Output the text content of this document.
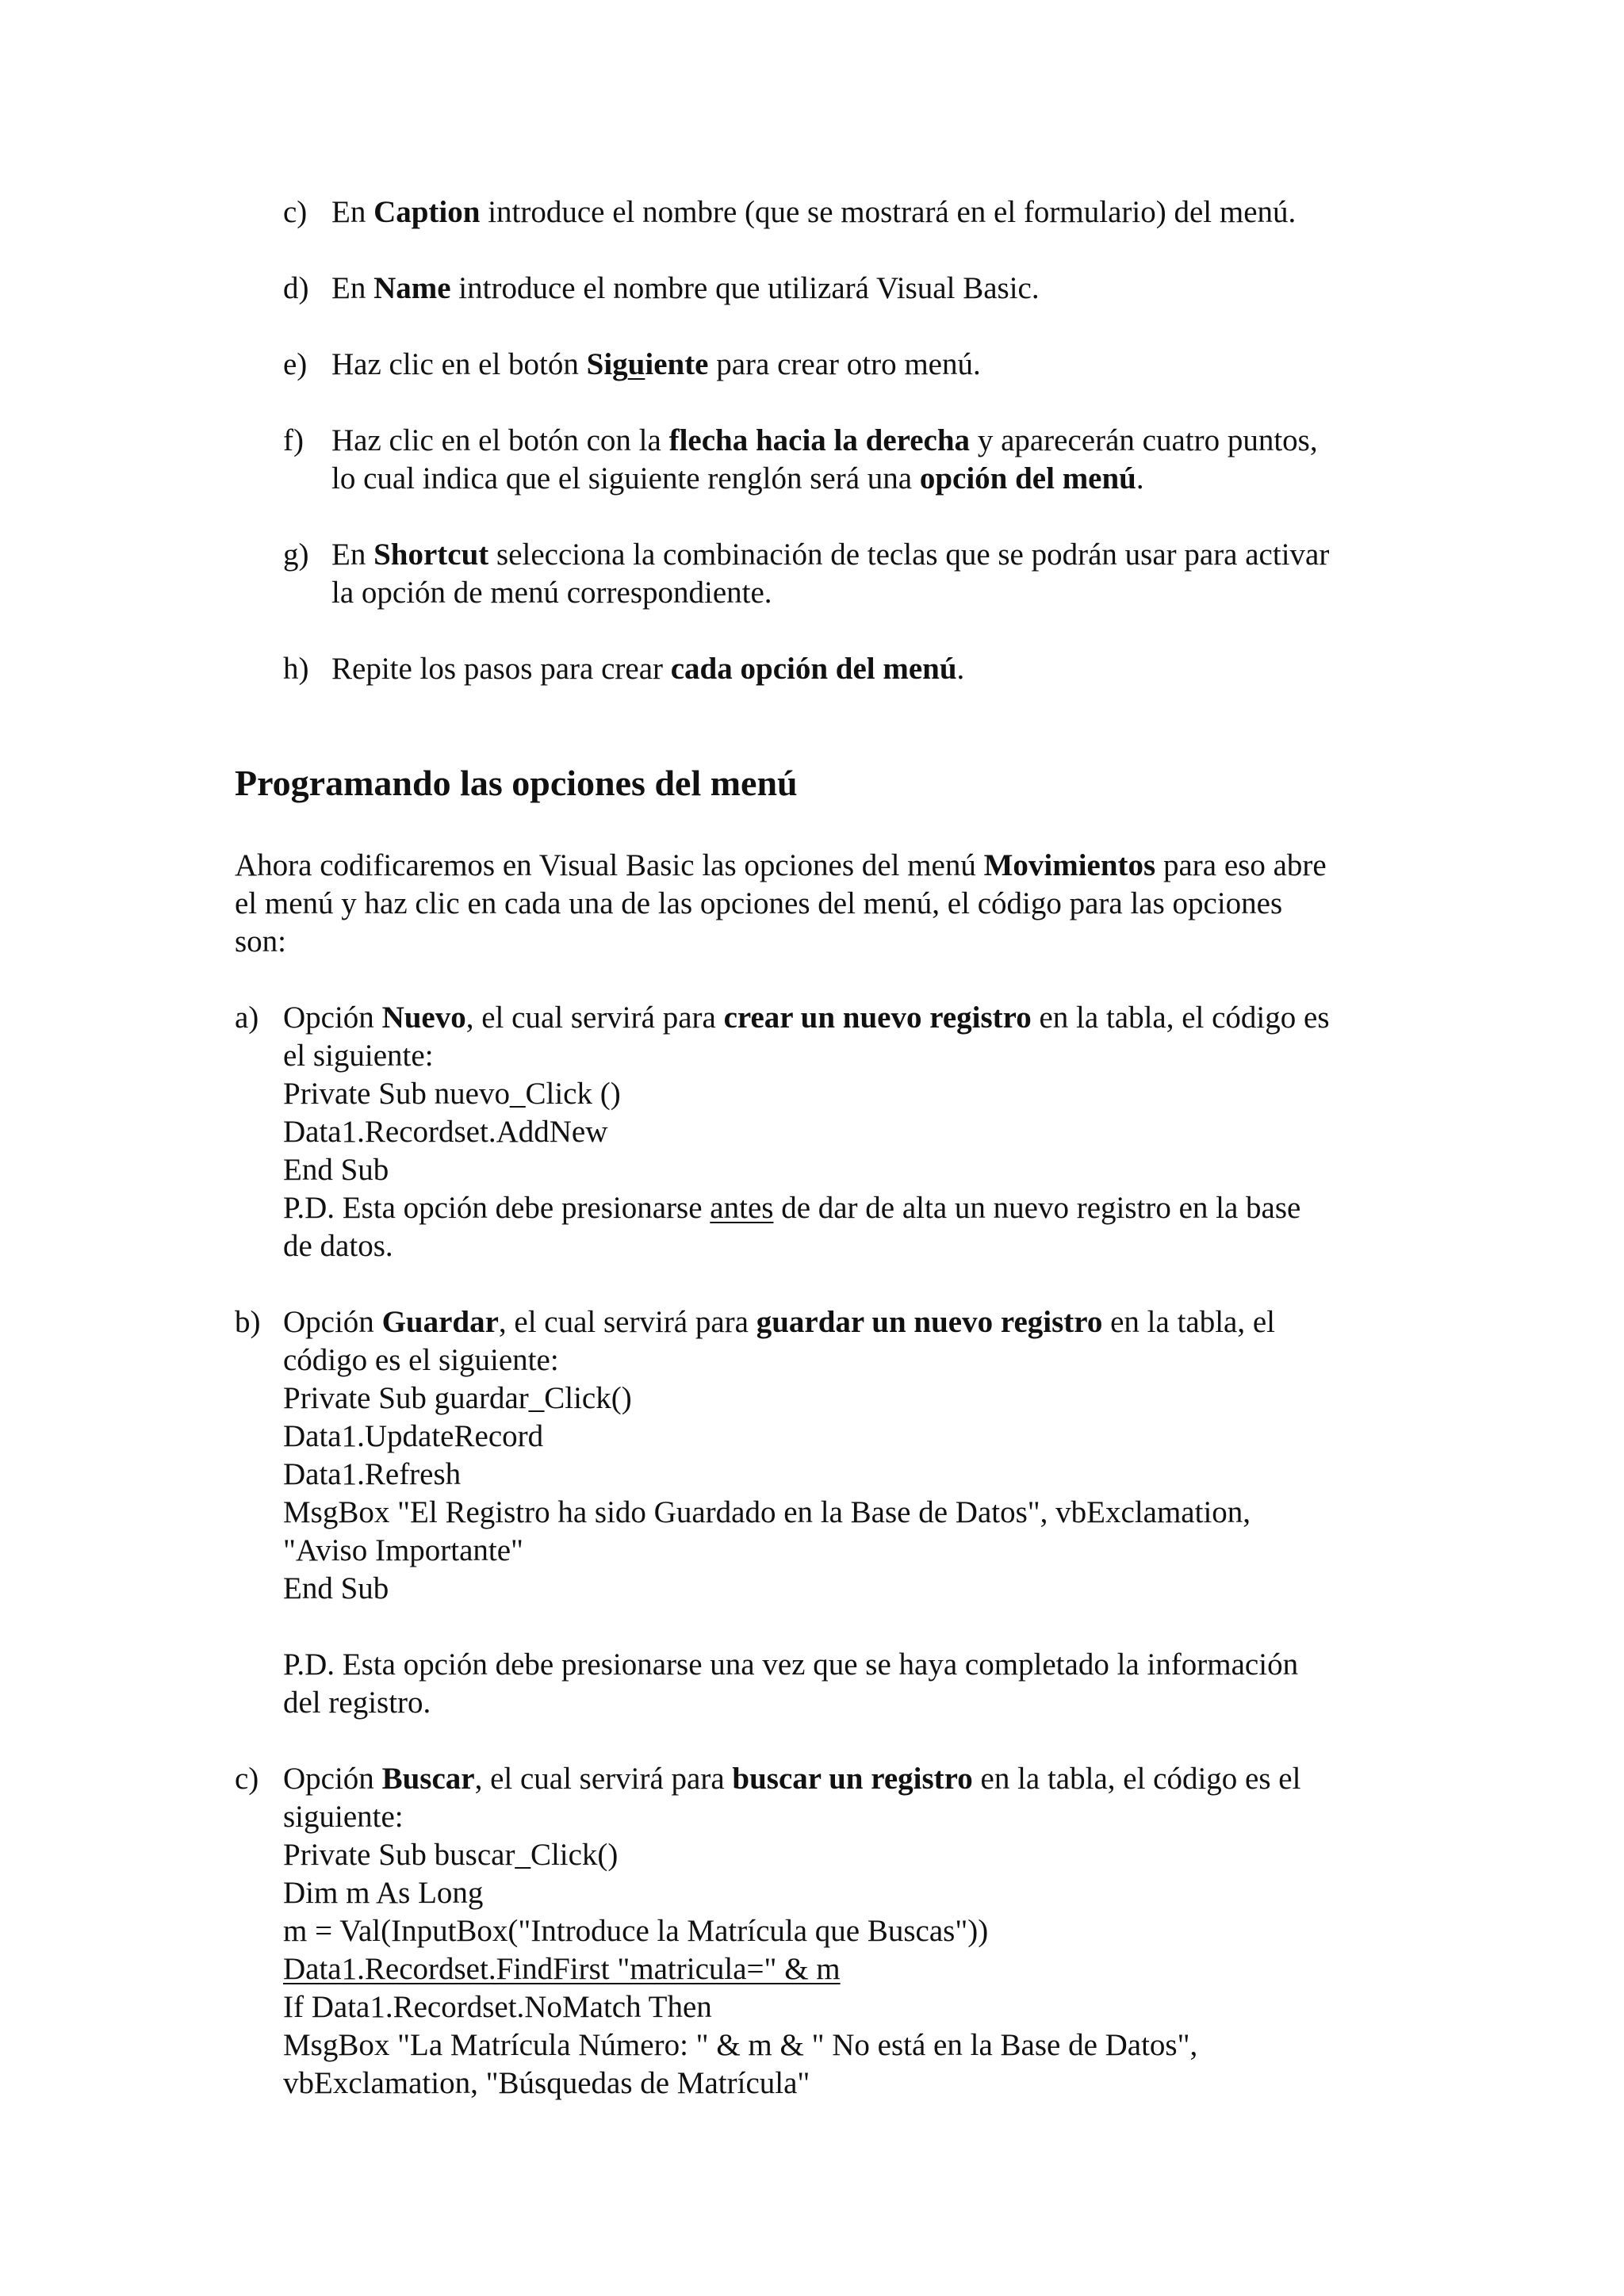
c) En Caption introduce el nombre (que se mostrará en el formulario) del menú.
d) En Name introduce el nombre que utilizará Visual Basic.
e) Haz clic en el botón Siguiente para crear otro menú.
f) Haz clic en el botón con la flecha hacia la derecha y aparecerán cuatro puntos,
lo cual indica que el siguiente renglón será una opción del menú.
g) En Shortcut selecciona la combinación de teclas que se podrán usar para activar
la opción de menú correspondiente.
h) Repite los pasos para crear cada opción del menú.
Programando las opciones del menú
Ahora codificaremos en Visual Basic las opciones del menú Movimientos para eso abre
el menú y haz clic en cada una de las opciones del menú, el código para las opciones
son:
a) Opción Nuevo, el cual servirá para crear un nuevo registro en la tabla, el código es
el siguiente:
Private Sub nuevo_Click ()
Data1.Recordset.AddNew
End Sub
P.D. Esta opción debe presionarse antes de dar de alta un nuevo registro en la base
de datos.
b) Opción Guardar, el cual servirá para guardar un nuevo registro en la tabla, el
código es el siguiente:
Private Sub guardar_Click()
Data1.UpdateRecord
Data1.Refresh
MsgBox "El Registro ha sido Guardado en la Base de Datos", vbExclamation,
"Aviso Importante"
End Sub
P.D. Esta opción debe presionarse una vez que se haya completado la información
del registro.
c) Opción Buscar, el cual servirá para buscar un registro en la tabla, el código es el
siguiente:
Private Sub buscar_Click()
Dim m As Long
m = Val(InputBox("Introduce la Matrícula que Buscas"))
Data1.Recordset.FindFirst "matricula=" & m
If Data1.Recordset.NoMatch Then
MsgBox "La Matrícula Número: " & m & " No está en la Base de Datos",
vbExclamation, "Búsquedas de Matrícula"
